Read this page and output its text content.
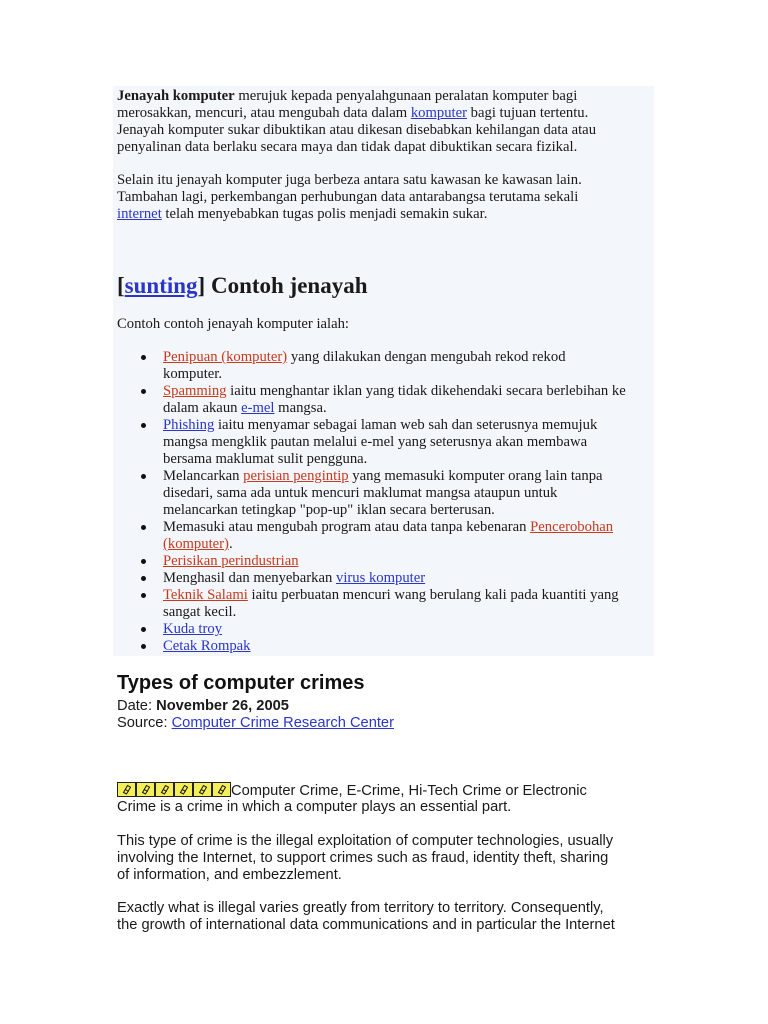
Jenayah komputer merujuk kepada penyalahgunaan peralatan komputer bagi
merosakkan, mencuri, atau mengubah data dalam komputer bagi tujuan tertentu.
Jenayah komputer sukar dibuktikan atau dikesan disebabkan kehilangan data atau
penyalinan data berlaku secara maya dan tidak dapat dibuktikan secara fizikal.
Selain itu jenayah komputer juga berbeza antara satu kawasan ke kawasan lain.
Tambahan lagi, perkembangan perhubungan data antarabangsa terutama sekali
internet telah menyebabkan tugas polis menjadi semakin sukar.
[sunting] Contoh jenayah
Contoh contoh jenayah komputer ialah:
Penipuan (komputer) yang dilakukan dengan mengubah rekod rekod
komputer.
Spamming iaitu menghantar iklan yang tidak dikehendaki secara berlebihan ke
dalam akaun e-mel mangsa.
Phishing iaitu menyamar sebagai laman web sah dan seterusnya memujuk
mangsa mengklik pautan melalui e-mel yang seterusnya akan membawa
bersama maklumat sulit pengguna.
Melancarkan perisian pengintip yang memasuki komputer orang lain tanpa
disedari, sama ada untuk mencuri maklumat mangsa ataupun untuk
melancarkan tetingkap "pop-up" iklan secara berterusan.
Memasuki atau mengubah program atau data tanpa kebenaran Pencerobohan
(komputer).
Perisikan perindustrian
Menghasil dan menyebarkan virus komputer
Teknik Salami iaitu perbuatan mencuri wang berulang kali pada kuantiti yang
sangat kecil.
Kuda troy
Cetak Rompak
Types of computer crimes
Date: November 26, 2005
Source: Computer Crime Research Center
Computer Crime, E-Crime, Hi-Tech Crime or Electronic
Crime is a crime in which a computer plays an essential part.
This type of crime is the illegal exploitation of computer technologies, usually
involving the Internet, to support crimes such as fraud, identity theft, sharing
of information, and embezzlement.
Exactly what is illegal varies greatly from territory to territory. Consequently,
the growth of international data communications and in particular the Internet
